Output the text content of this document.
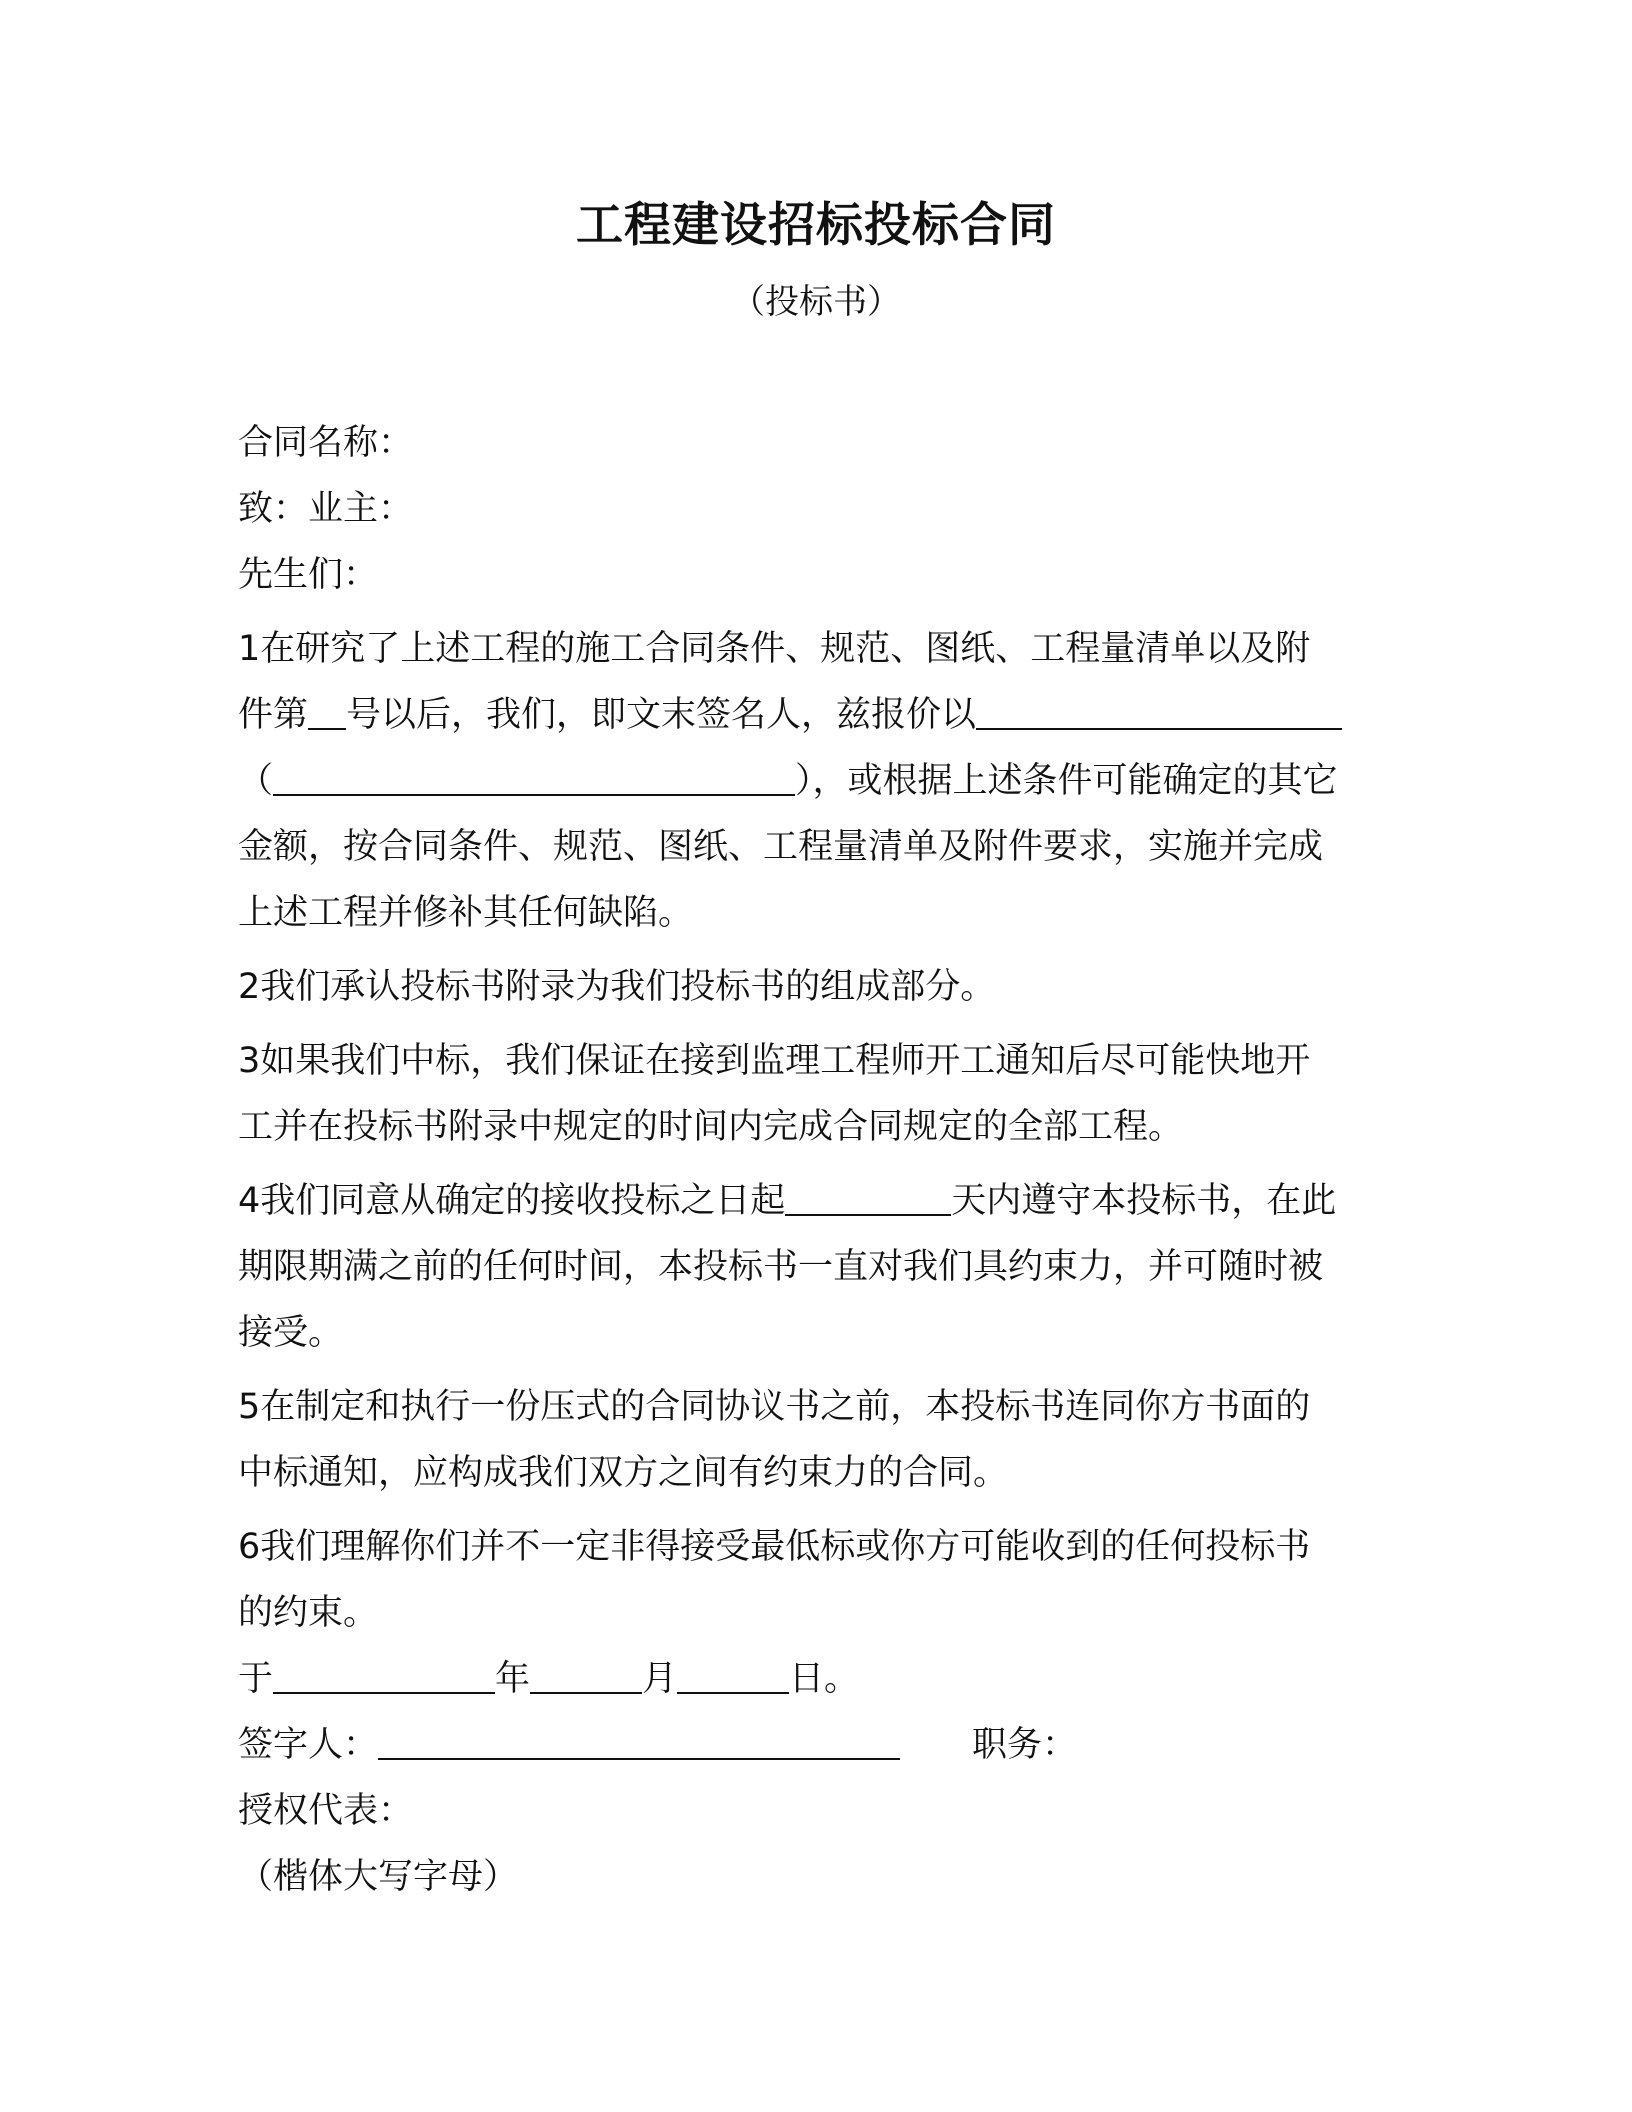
工程建设招标投标合同
（投标书）
合同名称：
致：业主：
先生们：
1在研究了上述工程的施工合同条件、规范、图纸、工程量清单以及附
件第 号以后，我们，即文末签名人，兹报价以
（	），或根据上述条件可能确定的其它
金额，按合同条件、规范、图纸、工程量清单及附件要求，实施并完成
上述工程并修补其任何缺陷。
2我们承认投标书附录为我们投标书的组成部分。
3如果我们中标，我们保证在接到监理工程师开工通知后尽可能快地开
工并在投标书附录中规定的时间内完成合同规定的全部工程。
4我们同意从确定的接收投标之日起	天内遵守本投标书，在此
期限期满之前的任何时间，本投标书一直对我们具约束力，并可随时被
接受。
5在制定和执行一份压式的合同协议书之前，本投标书连同你方书面的
中标通知，应构成我们双方之间有约束力的合同。
6我们理解你们并不一定非得接受最低标或你方可能收到的任何投标书
的约束。
于	年	月	日。
签字人：	职务：
授权代表：
（楷体大写字母）
